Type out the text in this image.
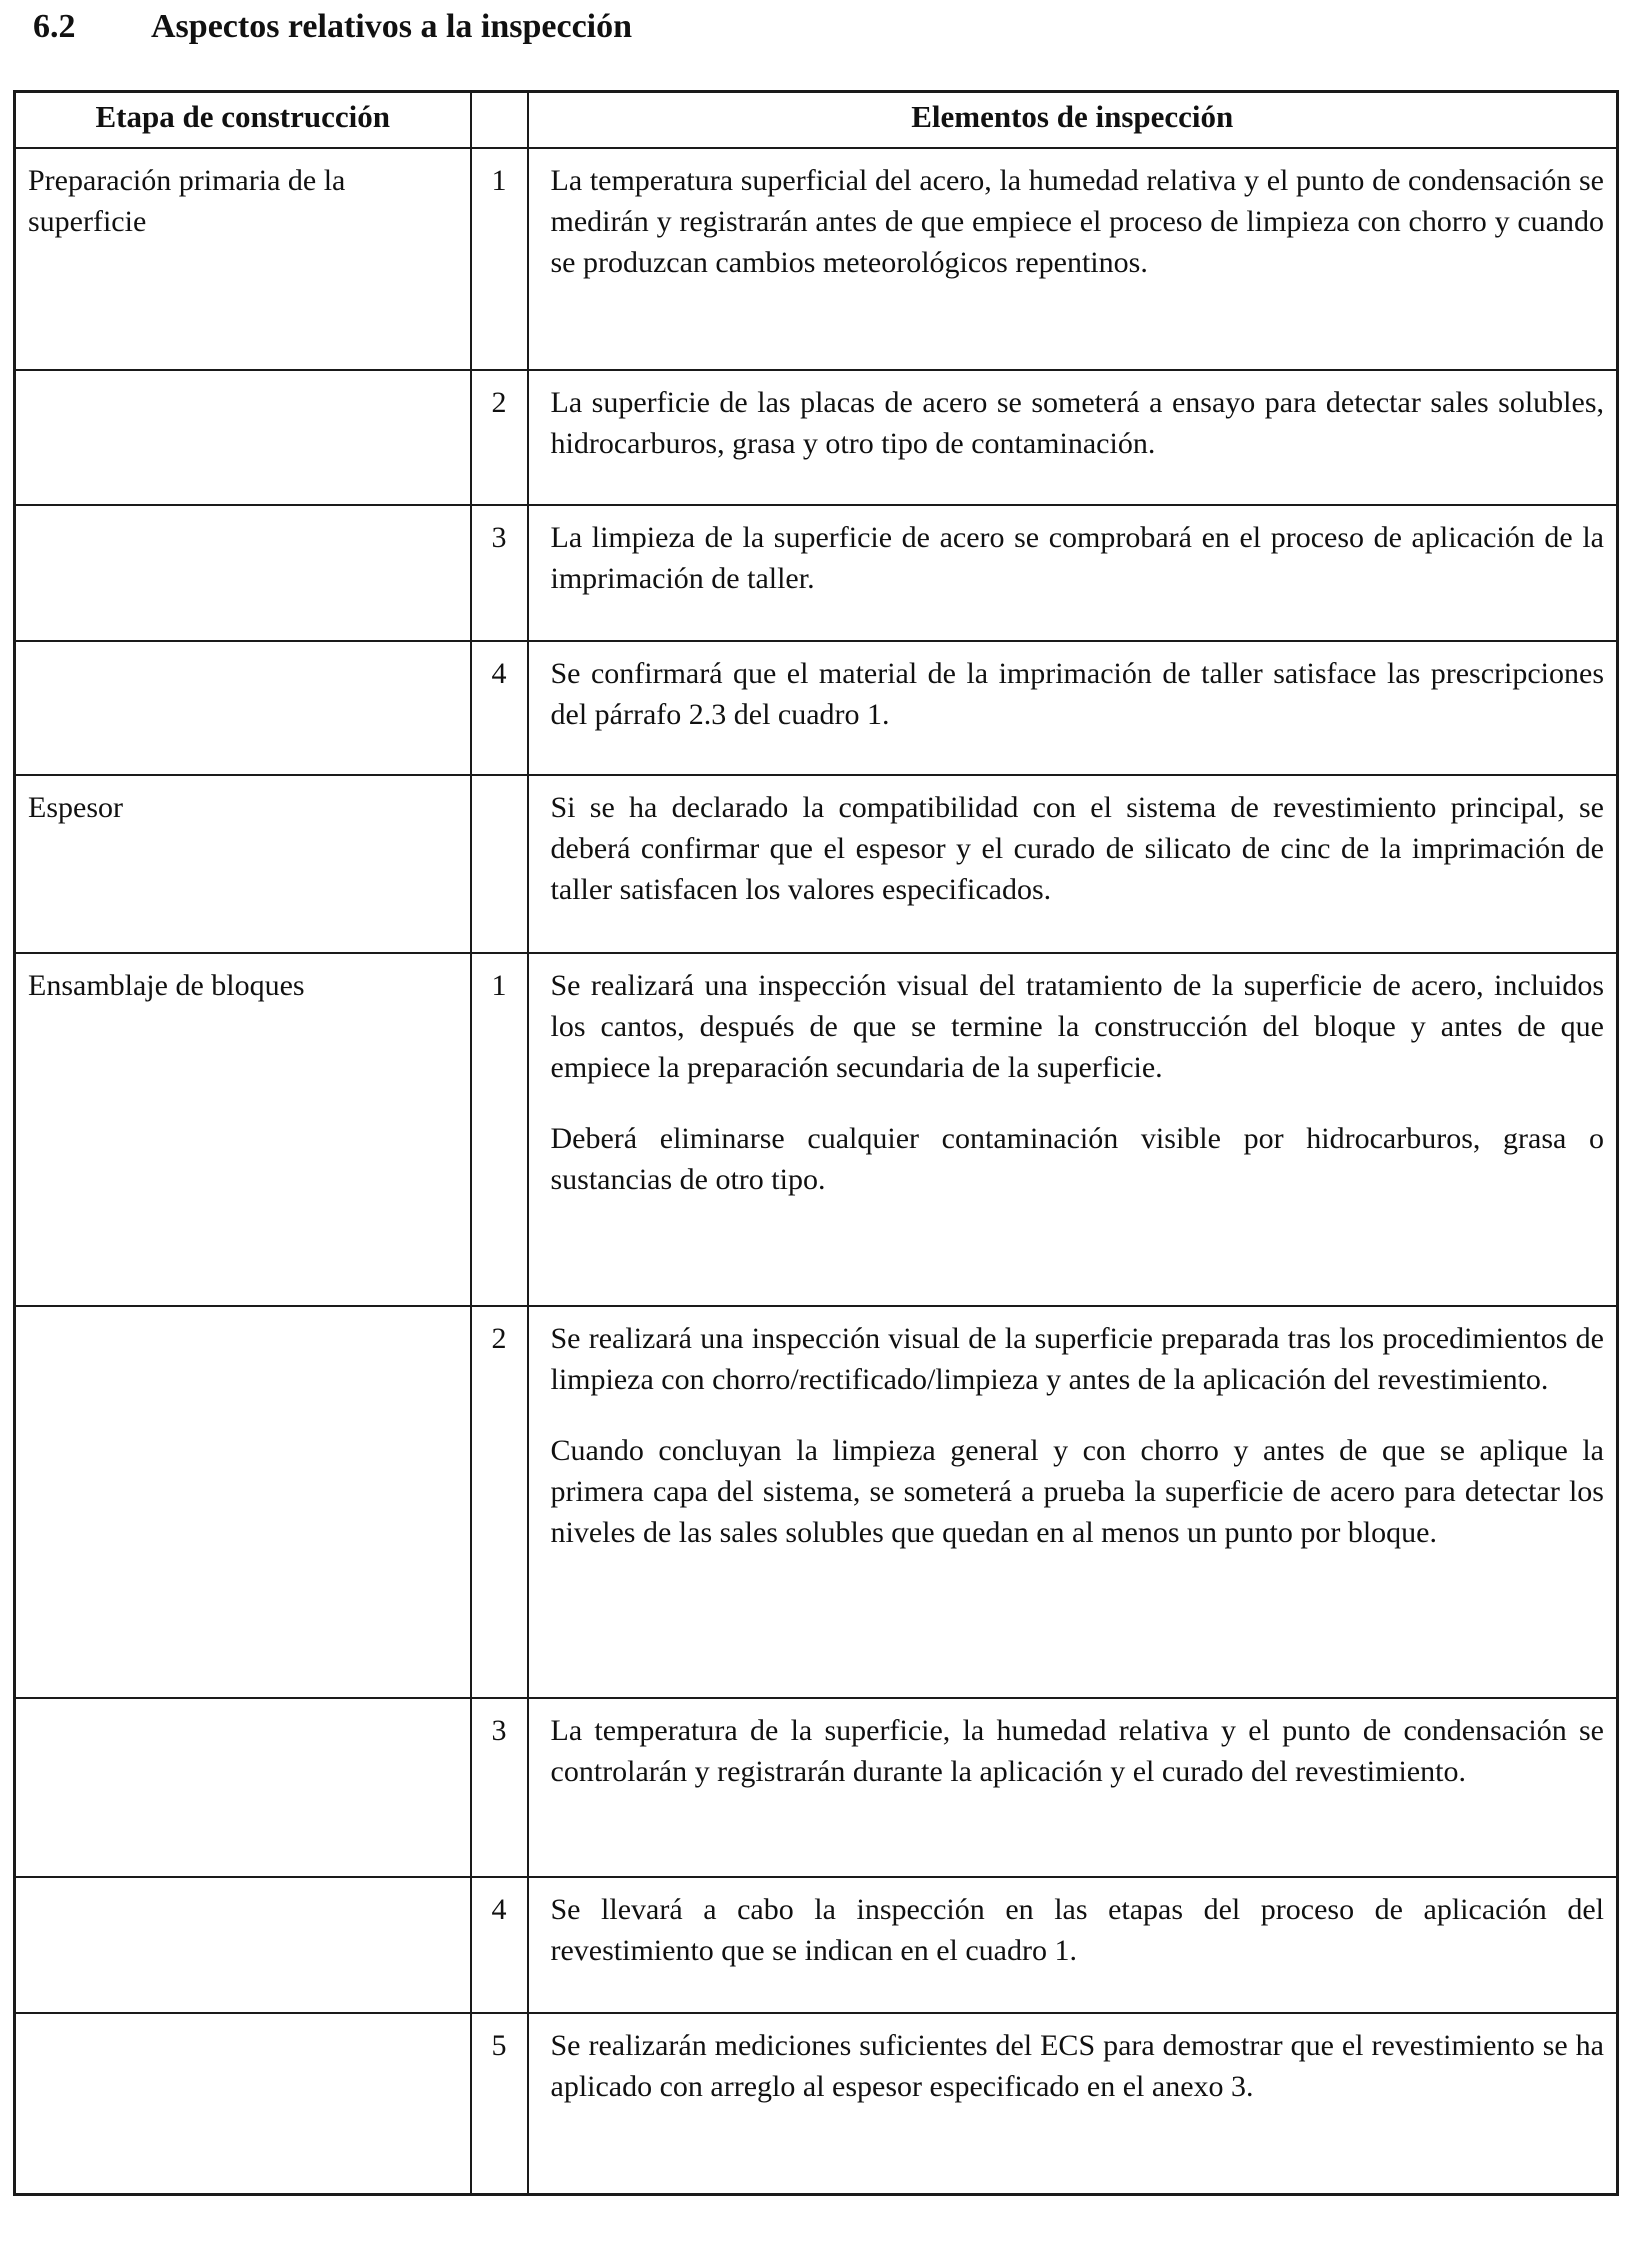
6.2 Aspectos relativos a la inspección
Etapa de construcción		Elementos de inspección
Preparación primaria de la superficie	1	La temperatura superficial del acero, la humedad relativa y el punto de condensación se medirán y registrarán antes de que empiece el proceso de limpieza con chorro y cuando se produzcan cambios meteorológicos repentinos.

	2	La superficie de las placas de acero se someterá a ensayo para detectar sales solubles, hidrocarburos, grasa y otro tipo de contaminación.

	3	La limpieza de la superficie de acero se comprobará en el proceso de aplicación de la imprimación de taller.

	4	Se confirmará que el material de la imprimación de taller satisface las prescripciones del párrafo 2.3 del cuadro 1.

Espesor		Si se ha declarado la compatibilidad con el sistema de revestimiento principal, se deberá confirmar que el espesor y el curado de silicato de cinc de la imprimación de taller satisfacen los valores especificados.

Ensamblaje de bloques	1	Se realizará una inspección visual del tratamiento de la superficie de acero, incluidos los cantos, después de que se termine la construcción del bloque y antes de que empiece la preparación secundaria de la superficie.

Deberá eliminarse cualquier contaminación visible por hidrocarburos, grasa o sustancias de otro tipo.

	2	Se realizará una inspección visual de la superficie preparada tras los procedimientos de limpieza con chorro/rectificado/limpieza y antes de la aplicación del revestimiento.

Cuando concluyan la limpieza general y con chorro y antes de que se aplique la primera capa del sistema, se someterá a prueba la superficie de acero para detectar los niveles de las sales solubles que quedan en al menos un punto por bloque.

	3	La temperatura de la superficie, la humedad relativa y el punto de condensación se controlarán y registrarán durante la aplicación y el curado del revestimiento.

	4	Se llevará a cabo la inspección en las etapas del proceso de aplicación del revestimiento que se indican en el cuadro 1.

	5	Se realizarán mediciones suficientes del ECS para demostrar que el revestimiento se ha aplicado con arreglo al espesor especificado en el anexo 3.
